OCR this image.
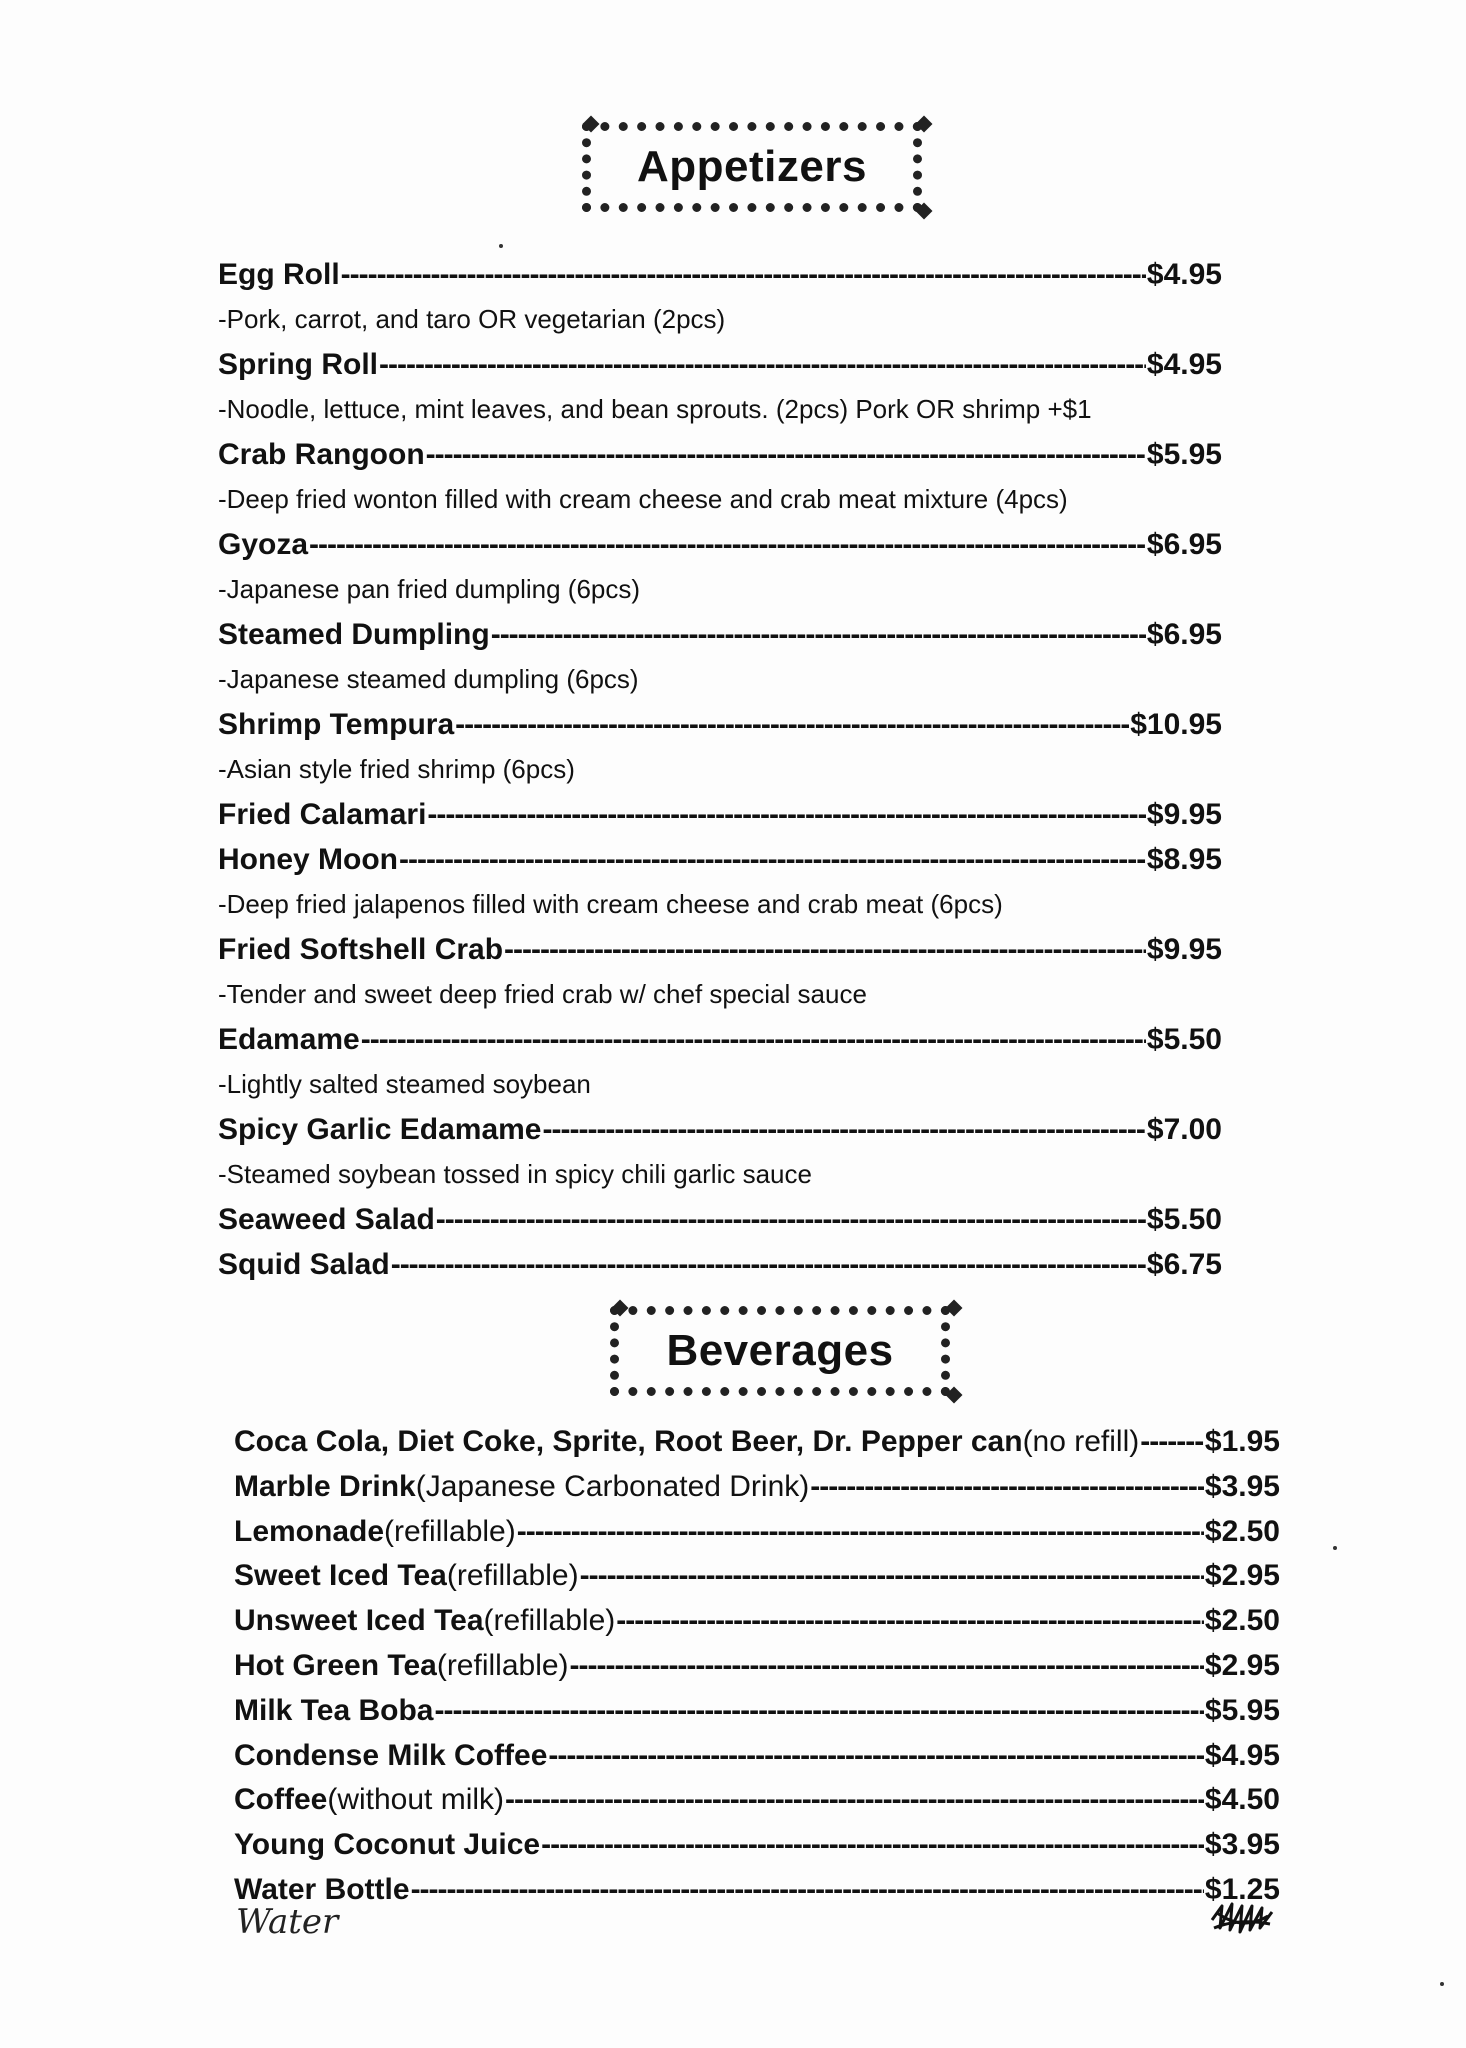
Appetizers
Egg Roll -----	$4.95
-Pork, carrot, and taro OR vegetarian (2pcs)
Spring Roll -----	$4.95
-Noodle, lettuce, mint leaves, and bean sprouts. (2pcs) Pork OR shrimp +$1
Crab Rangoon -----	$5.95
-Deep fried wonton filled with cream cheese and crab meat mixture (4pcs)
Gyoza -----	$6.95
-Japanese pan fried dumpling (6pcs)
Steamed Dumpling -----	$6.95
-Japanese steamed dumpling (6pcs)
Shrimp Tempura -----	$10.95
-Asian style fried shrimp (6pcs)
Fried Calamari -----	$9.95
Honey Moon -----	$8.95
-Deep fried jalapenos filled with cream cheese and crab meat (6pcs)
Fried Softshell Crab -----	$9.95
-Tender and sweet deep fried crab w/ chef special sauce
Edamame -----	$5.50
-Lightly salted steamed soybean
Spicy Garlic Edamame -----	$7.00
-Steamed soybean tossed in spicy chili garlic sauce
Seaweed Salad -----	$5.50
Squid Salad -----	$6.75
Beverages
Coca Cola, Diet Coke, Sprite, Root Beer, Dr. Pepper can (no refill) ----- $1.95
Marble Drink (Japanese Carbonated Drink) -----	$3.95
Lemonade (refillable) -----	$2.50
Sweet Iced Tea (refillable) -----	$2.95
Unsweet Iced Tea (refillable) -----	$2.50
Hot Green Tea (refillable) -----	$2.95
Milk Tea Boba -----	$5.95
Condense Milk Coffee -----	$4.95
Coffee (without milk) -----	$4.50
Young Coconut Juice -----	$3.95
Water Bottle -----	$1.25
Water
